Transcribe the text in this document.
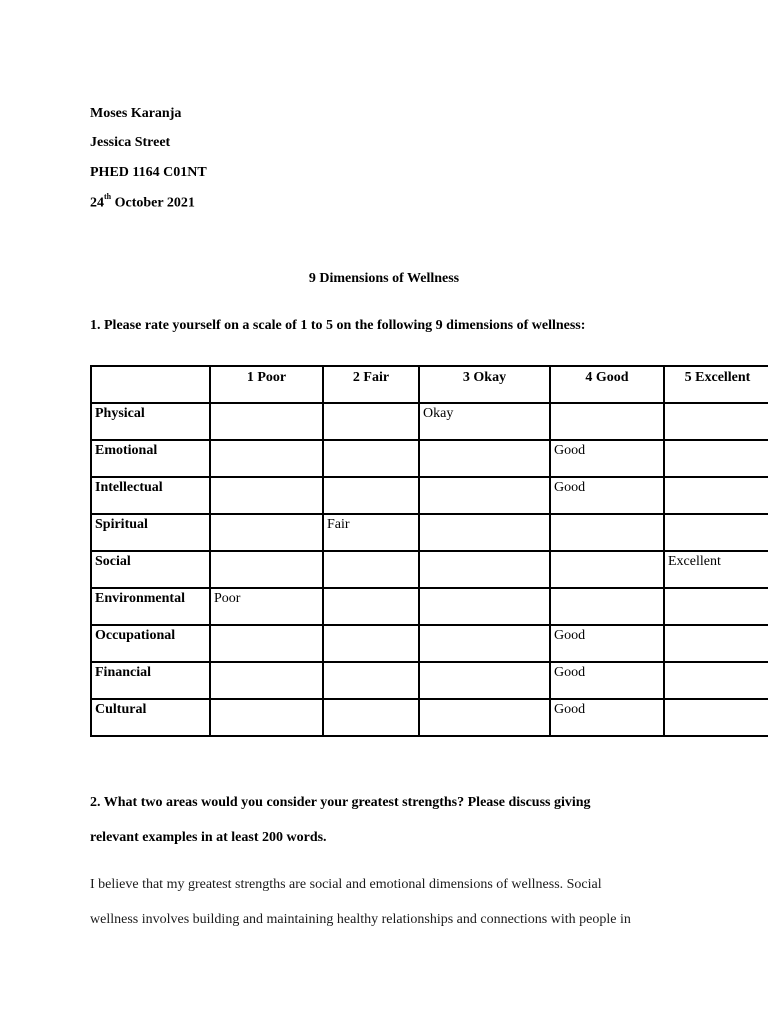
Moses Karanja
Jessica Street
PHED 1164 C01NT
24th October 2021
9 Dimensions of Wellness
1. Please rate yourself on a scale of 1 to 5 on the following 9 dimensions of wellness:
	1 Poor	2 Fair	3 Okay	4 Good	5 Excellent
Physical			Okay		
Emotional				Good	
Intellectual				Good	
Spiritual		Fair			
Social					Excellent
Environmental	Poor				
Occupational				Good	
Financial				Good	
Cultural				Good	
2. What two areas would you consider your greatest strengths? Please discuss giving
relevant examples in at least 200 words.
I believe that my greatest strengths are social and emotional dimensions of wellness. Social
wellness involves building and maintaining healthy relationships and connections with people in
